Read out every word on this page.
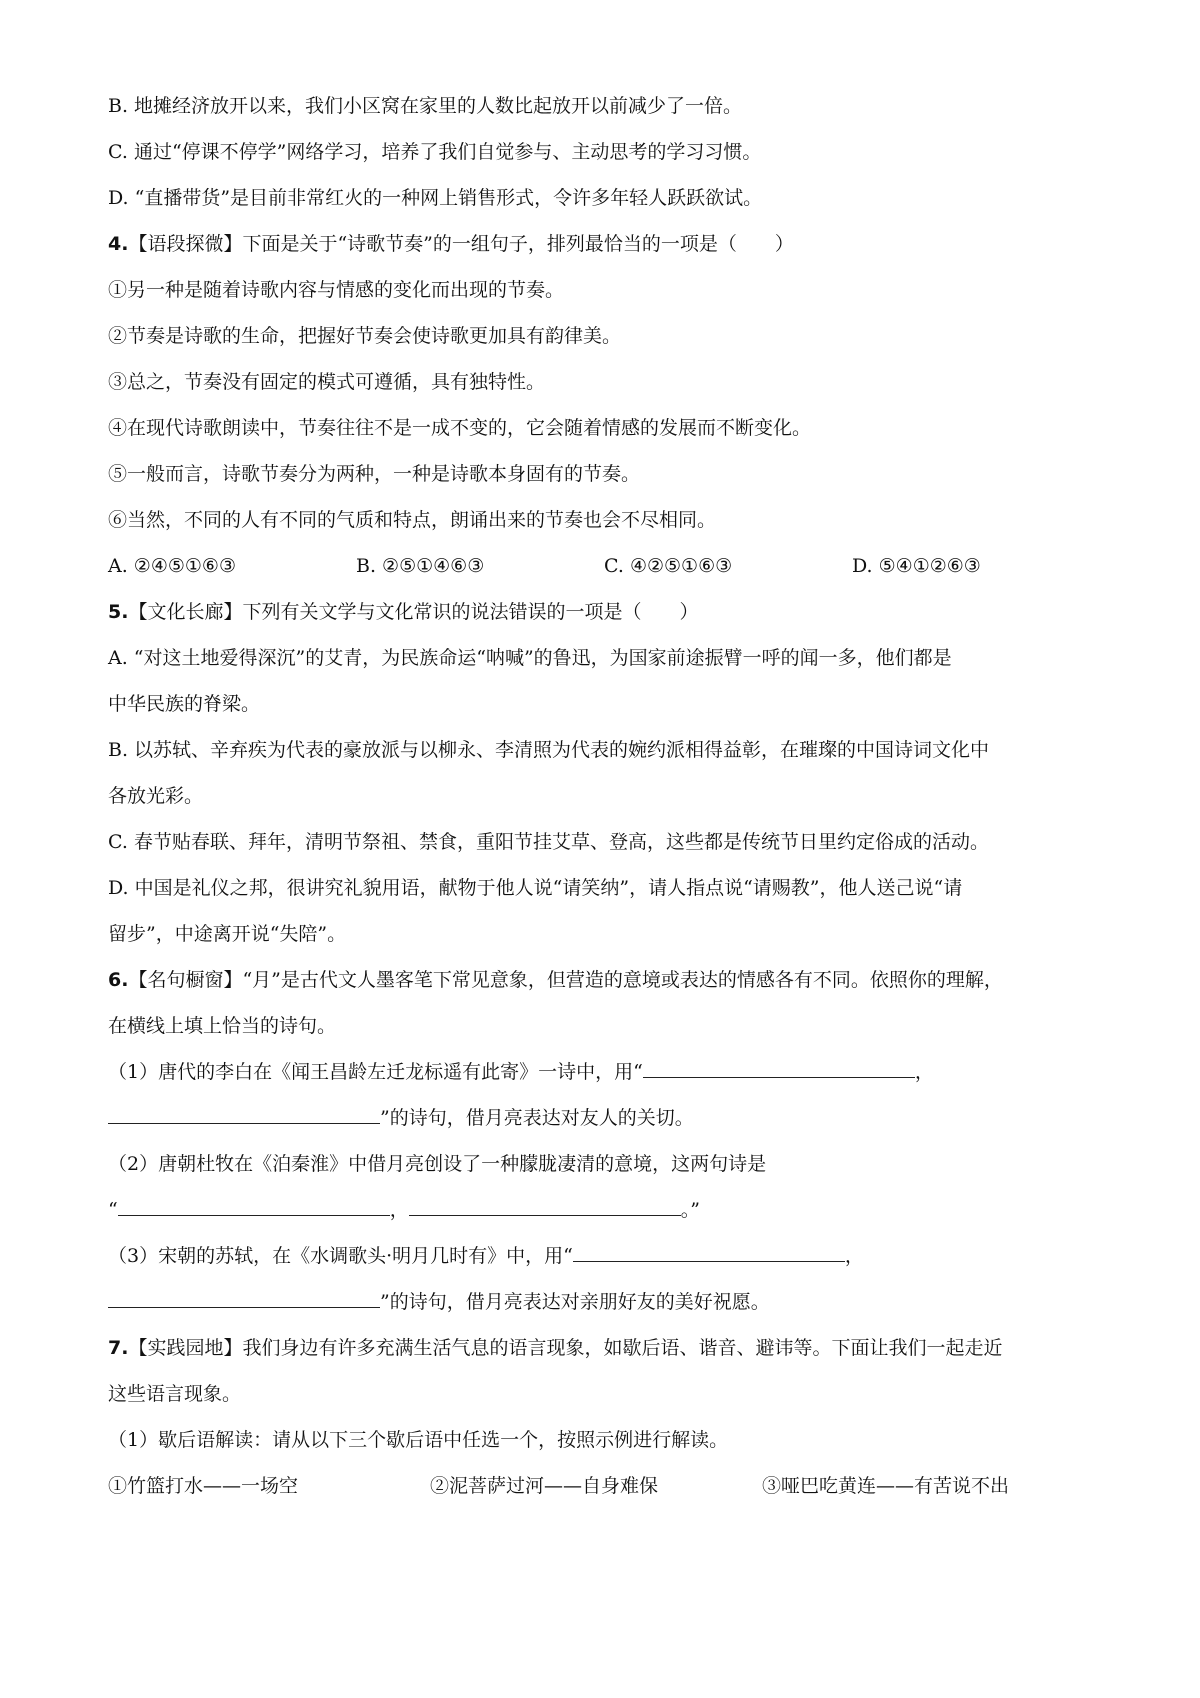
B. 地摊经济放开以来，我们小区窝在家里的人数比起放开以前减少了一倍。
C. 通过“停课不停学”网络学习，培养了我们自觉参与、主动思考的学习习惯。
D. “直播带货”是目前非常红火的一种网上销售形式，令许多年轻人跃跃欲试。
4.【语段探微】下面是关于“诗歌节奏”的一组句子，排列最恰当的一项是（　　）
①另一种是随着诗歌内容与情感的变化而出现的节奏。
②节奏是诗歌的生命，把握好节奏会使诗歌更加具有韵律美。
③总之，节奏没有固定的模式可遵循，具有独特性。
④在现代诗歌朗读中，节奏往往不是一成不变的，它会随着情感的发展而不断变化。
⑤一般而言，诗歌节奏分为两种，一种是诗歌本身固有的节奏。
⑥当然，不同的人有不同的气质和特点，朗诵出来的节奏也会不尽相同。
A. ②④⑤①⑥③	B. ②⑤①④⑥③	C. ④②⑤①⑥③	D. ⑤④①②⑥③
5.【文化长廊】下列有关文学与文化常识的说法错误的一项是（　　）
A. “对这土地爱得深沉”的艾青，为民族命运“呐喊”的鲁迅，为国家前途振臂一呼的闻一多，他们都是
中华民族的脊梁。
B. 以苏轼、辛弃疾为代表的豪放派与以柳永、李清照为代表的婉约派相得益彰，在璀璨的中国诗词文化中
各放光彩。
C. 春节贴春联、拜年，清明节祭祖、禁食，重阳节挂艾草、登高，这些都是传统节日里约定俗成的活动。
D. 中国是礼仪之邦，很讲究礼貌用语，献物于他人说“请笑纳”，请人指点说“请赐教”，他人送己说“请
留步”，中途离开说“失陪”。
6.【名句橱窗】“月”是古代文人墨客笔下常见意象，但营造的意境或表达的情感各有不同。依照你的理解，
在横线上填上恰当的诗句。
（1）唐代的李白在《闻王昌龄左迁龙标遥有此寄》一诗中，用“	，
”的诗句，借月亮表达对友人的关切。
（2）唐朝杜牧在《泊秦淮》中借月亮创设了一种朦胧凄清的意境，这两句诗是
“	，	。”
（3）宋朝的苏轼，在《水调歌头·明月几时有》中，用“	，
”的诗句，借月亮表达对亲朋好友的美好祝愿。
7.【实践园地】我们身边有许多充满生活气息的语言现象，如歇后语、谐音、避讳等。下面让我们一起走近
这些语言现象。
（1）歇后语解读：请从以下三个歇后语中任选一个，按照示例进行解读。
①竹篮打水——一场空	②泥菩萨过河——自身难保	③哑巴吃黄连——有苦说不出
